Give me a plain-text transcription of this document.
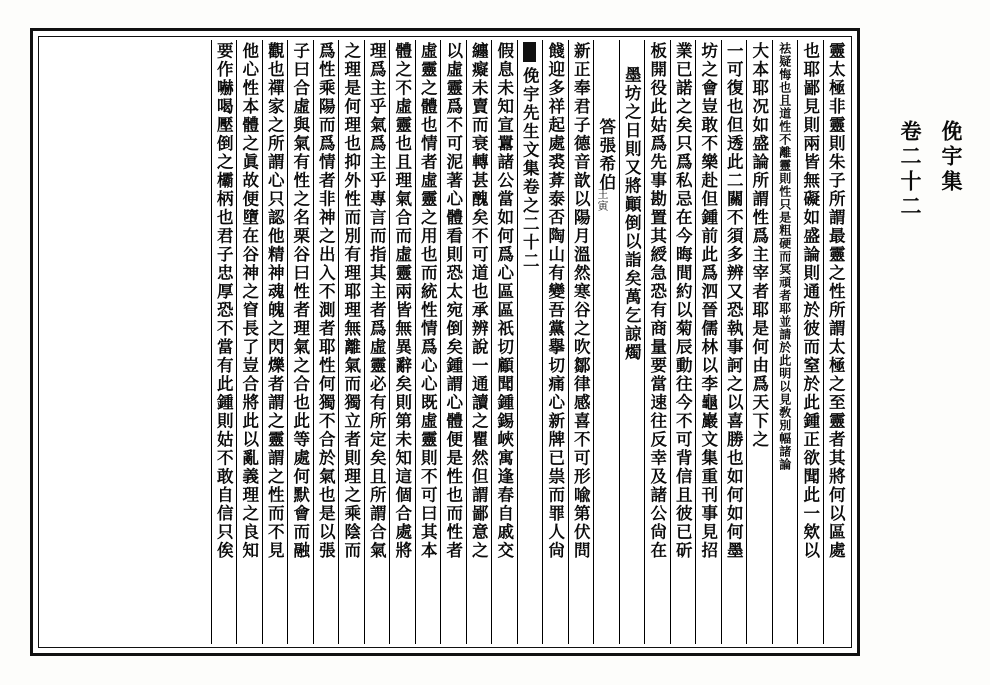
靈太極非靈則朱子所謂最靈之性所謂太極之至靈者其將何以區處
也耶鄙見則兩皆無礙如盛論則通於彼而窒於此鍾正欲聞此一欸以
祛疑悔也且道性不離靈則性只是粗硬而冥頑者耶並請於此明以見敎別幅諸論
大本耶况如盛論所謂性爲主宰者耶是何由爲天下之
一可復也但透此二關不須多辨又恐執事訶之以喜勝也如何如何墨
坊之會豈敢不樂赴但鍾前此爲泗晉儒林以李龜巖文集重刊事見招
業已諾之矣只爲私忌在今晦間約以菊辰動往今不可背信且彼已斫
板開役此姑爲先事勘置其綬急恐有商量要當速往反幸及諸公尙在
墨坊之日則又將顚倒以詣矣萬乞諒燭
答張希伯
王寅
新正奉君子德音歆以陽月溫然寒谷之吹鄒律感喜不可形喩第伏問
餞迎多祥起處裘葊泰否陶山有變吾黨擧切痛心新牌已祟而罪人尙
俛宇先生文集卷之二十二
假息未知宣囂諸公當如何爲心區區祇切顧聞鍾錫峽寓逢春自戚交
纏癡未賣而衰轉甚醜矣不可道也承辨說一通讀之瞿然但謂鄙意之
以虛靈爲不可泥著心體看則恐太宛倒矣鍾謂心體便是性也而性者
虛靈之體也情者虛靈之用也而統性情爲心心既虛靈則不可曰其本
體之不虛靈也且理氣合而虛靈兩皆無異辭矣則第未知這個合處將
理爲主乎氣爲主乎專言而指其主者爲虛靈必有所定矣且所謂合氣
之理是何理也抑外性而別有理耶理無離氣而獨立者則理之乘陰而
爲性乘陽而爲情者非神之出入不測者耶性何獨不合於氣也是以張
子曰合虛與氣有性之名栗谷曰性者理氣之合也此等處何默會而融
觀也禪家之所謂心只認他精神魂魄之閃爍者謂之靈謂之性而不見
他心性本體之眞故便墮在谷神之窅長了豈合將此以亂義理之良知
要作嚇喝壓倒之欛柄也君子忠厚恐不當有此鍾則姑不敢自信只俟	俛宇集
卷二十二
